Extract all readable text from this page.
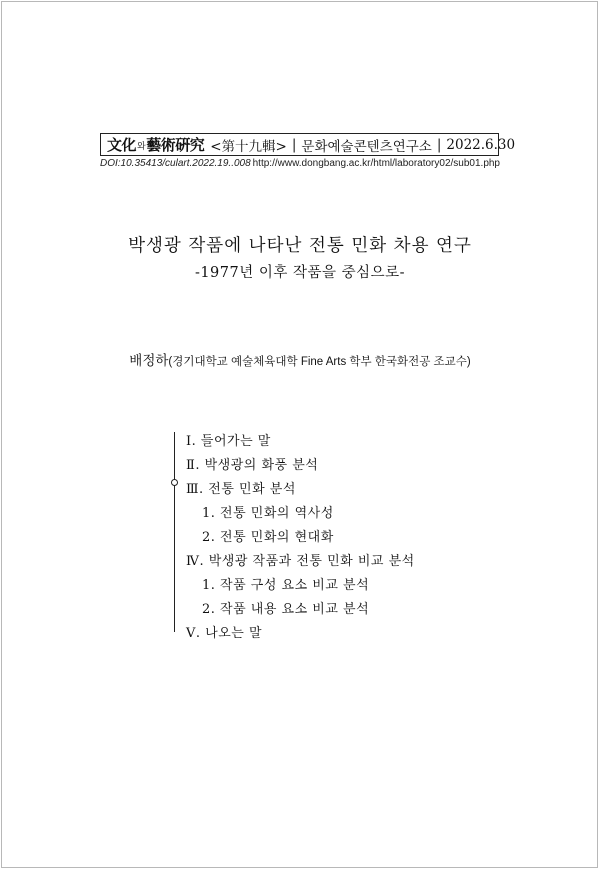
文化와藝術硏究 <第十九輯> | 문화예술콘텐츠연구소 | 2022.6.30
DOI:10.35413/culart.2022.19..008 http://www.dongbang.ac.kr/html/laboratory02/sub01.php
박생광 작품에 나타난 전통 민화 차용 연구
-1977년 이후 작품을 중심으로-
배정하(경기대학교 예술체육대학 Fine Arts 학부 한국화전공 조교수)
Ⅰ. 들어가는 말
Ⅱ. 박생광의 화풍 분석
Ⅲ. 전통 민화 분석
1. 전통 민화의 역사성
2. 전통 민화의 현대화
Ⅳ. 박생광 작품과 전통 민화 비교 분석
1. 작품 구성 요소 비교 분석
2. 작품 내용 요소 비교 분석
Ⅴ. 나오는 말
